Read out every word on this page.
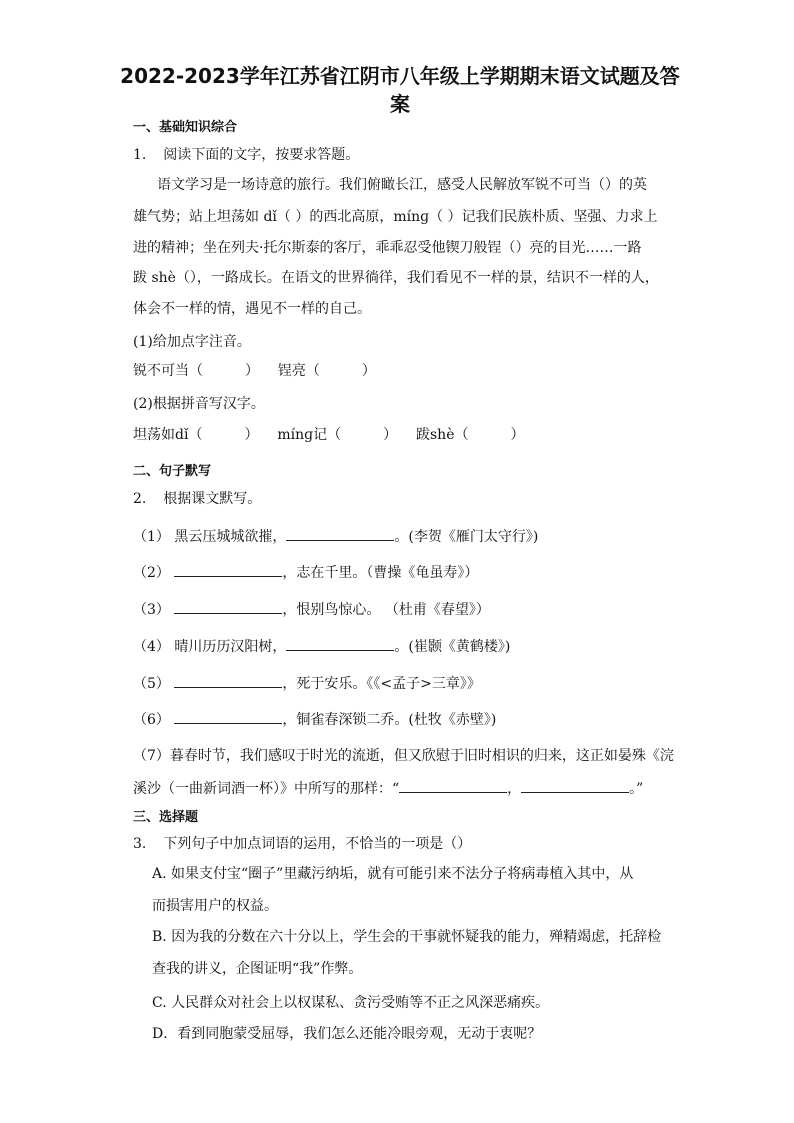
2022-2023学年江苏省江阴市八年级上学期期末语文试题及答
案
一、基础知识综合
1. 阅读下面的文字，按要求答题。
语文学习是一场诗意的旅行。我们俯瞰长江，感受人民解放军锐不可当（）的英
雄气势；站上坦荡如 dǐ（ ）的西北高原，mínɡ（ ）记我们民族朴质、坚强、力求上
进的精神；坐在列夫·托尔斯泰的客厅，乖乖忍受他锲刀般锃（）亮的目光……一路
跋 shè（），一路成长。在语文的世界徜徉，我们看见不一样的景，结识不一样的人，
体会不一样的情，遇见不一样的自己。
(1)给加点字注音。
锐不可当（　　　） 锃亮（　　　）
(2)根据拼音写汉字。
坦荡如dǐ（　　　） mínɡ记（　　　） 跋shè（　　　）
二、句子默写
2. 根据课文默写。
（1） 黑云压城城欲摧，	。(李贺《雁门太守行》)
（2）	，志在千里。（曹操《龟虽寿》）
（3）	，恨别鸟惊心。 （杜甫《春望》）
（4） 晴川历历汉阳树，	。(崔颢《黄鹤楼》)
（5）	，死于安乐。《《<孟子>三章》》
（6）	，铜雀春深锁二乔。(杜牧《赤壁》)
（7）暮春时节，我们感叹于时光的流逝，但又欣慰于旧时相识的归来，这正如晏殊《浣
溪沙（一曲新词酒一杯）》中所写的那样：“	，	。”
三、选择题
3. 下列句子中加点词语的运用，不恰当的一项是（）
A. 如果支付宝“圈子”里藏污纳垢，就有可能引来不法分子将病毒植入其中，从
而损害用户的权益。
B. 因为我的分数在六十分以上，学生会的干事就怀疑我的能力，殚精竭虑，托辞检
查我的讲义，企图证明“我”作弊。
C. 人民群众对社会上以权谋私、贪污受贿等不正之风深恶痛疾。
D．看到同胞蒙受屈辱，我们怎么还能冷眼旁观，无动于衷呢？
